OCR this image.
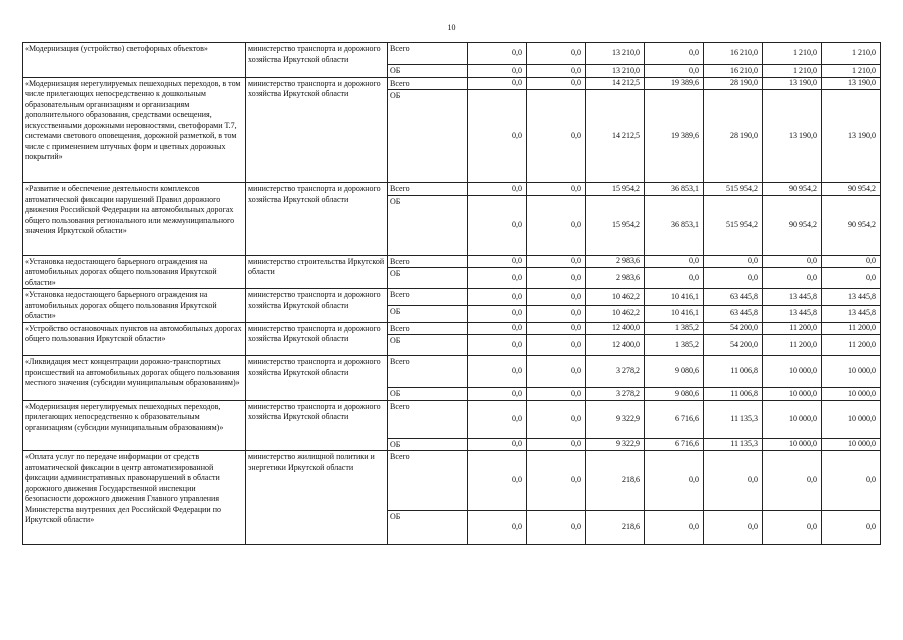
10
«Модернизация (устройство) светофорных объектов»	министерство транспорта и дорожного хозяйства Иркутской области	Всего	0,0	0,0	13 210,0	0,0	16 210,0	1 210,0	1 210,0
		ОБ	0,0	0,0	13 210,0	0,0	16 210,0	1 210,0	1 210,0
«Модернизация нерегулируемых пешеходных переходов, в том числе прилегающих непосредственно к дошкольным образовательным организациям и организациям дополнительного образования, средствами освещения, искусственными дорожными неровностями, светофорами Т.7, системами светового оповещения, дорожной разметкой, в том числе с применением штучных форм и цветных дорожных покрытий»	министерство транспорта и дорожного хозяйства Иркутской области	Всего	0,0	0,0	14 212,5	19 389,6	28 190,0	13 190,0	13 190,0
		ОБ	0,0	0,0	14 212,5	19 389,6	28 190,0	13 190,0	13 190,0
«Развитие и обеспечение деятельности комплексов автоматической фиксации нарушений Правил дорожного движения Российской Федерации на автомобильных дорогах общего пользования регионального или межмуниципального значения Иркутской области»	министерство транспорта и дорожного хозяйства Иркутской области	Всего	0,0	0,0	15 954,2	36 853,1	515 954,2	90 954,2	90 954,2
		ОБ	0,0	0,0	15 954,2	36 853,1	515 954,2	90 954,2	90 954,2
«Установка недостающего барьерного ограждения на автомобильных дорогах общего пользования Иркутской области»	министерство строительства Иркутской области	Всего	0,0	0,0	2 983,6	0,0	0,0	0,0	0,0
		ОБ	0,0	0,0	2 983,6	0,0	0,0	0,0	0,0
«Установка недостающего барьерного ограждения на автомобильных дорогах общего пользования Иркутской области»	министерство транспорта и дорожного хозяйства Иркутской области	Всего	0,0	0,0	10 462,2	10 416,1	63 445,8	13 445,8	13 445,8
		ОБ	0,0	0,0	10 462,2	10 416,1	63 445,8	13 445,8	13 445,8
«Устройство остановочных пунктов на автомобильных дорогах общего пользования Иркутской области»	министерство транспорта и дорожного хозяйства Иркутской области	Всего	0,0	0,0	12 400,0	1 385,2	54 200,0	11 200,0	11 200,0
		ОБ	0,0	0,0	12 400,0	1 385,2	54 200,0	11 200,0	11 200,0
«Ликвидация мест концентрации дорожно-транспортных происшествий на автомобильных дорогах общего пользования местного значения (субсидии муниципальным образованиям)»	министерство транспорта и дорожного хозяйства Иркутской области	Всего	0,0	0,0	3 278,2	9 080,6	11 006,8	10 000,0	10 000,0
		ОБ	0,0	0,0	3 278,2	9 080,6	11 006,8	10 000,0	10 000,0
«Модернизация нерегулируемых пешеходных переходов, прилегающих непосредственно к образовательным организациям (субсидии муниципальным образованиям)»	министерство транспорта и дорожного хозяйства Иркутской области	Всего	0,0	0,0	9 322,9	6 716,6	11 135,3	10 000,0	10 000,0
		ОБ	0,0	0,0	9 322,9	6 716,6	11 135,3	10 000,0	10 000,0
«Оплата услуг по передаче информации от средств автоматической фиксации в центр автоматизированной фиксации административных правонарушений в области дорожного движения Государственной инспекции безопасности дорожного движения Главного управления Министерства внутренних дел Российской Федерации по Иркутской области»	министерство жилищной политики и энергетики Иркутской области	Всего	0,0	0,0	218,6	0,0	0,0	0,0	0,0
		ОБ	0,0	0,0	218,6	0,0	0,0	0,0	0,0
